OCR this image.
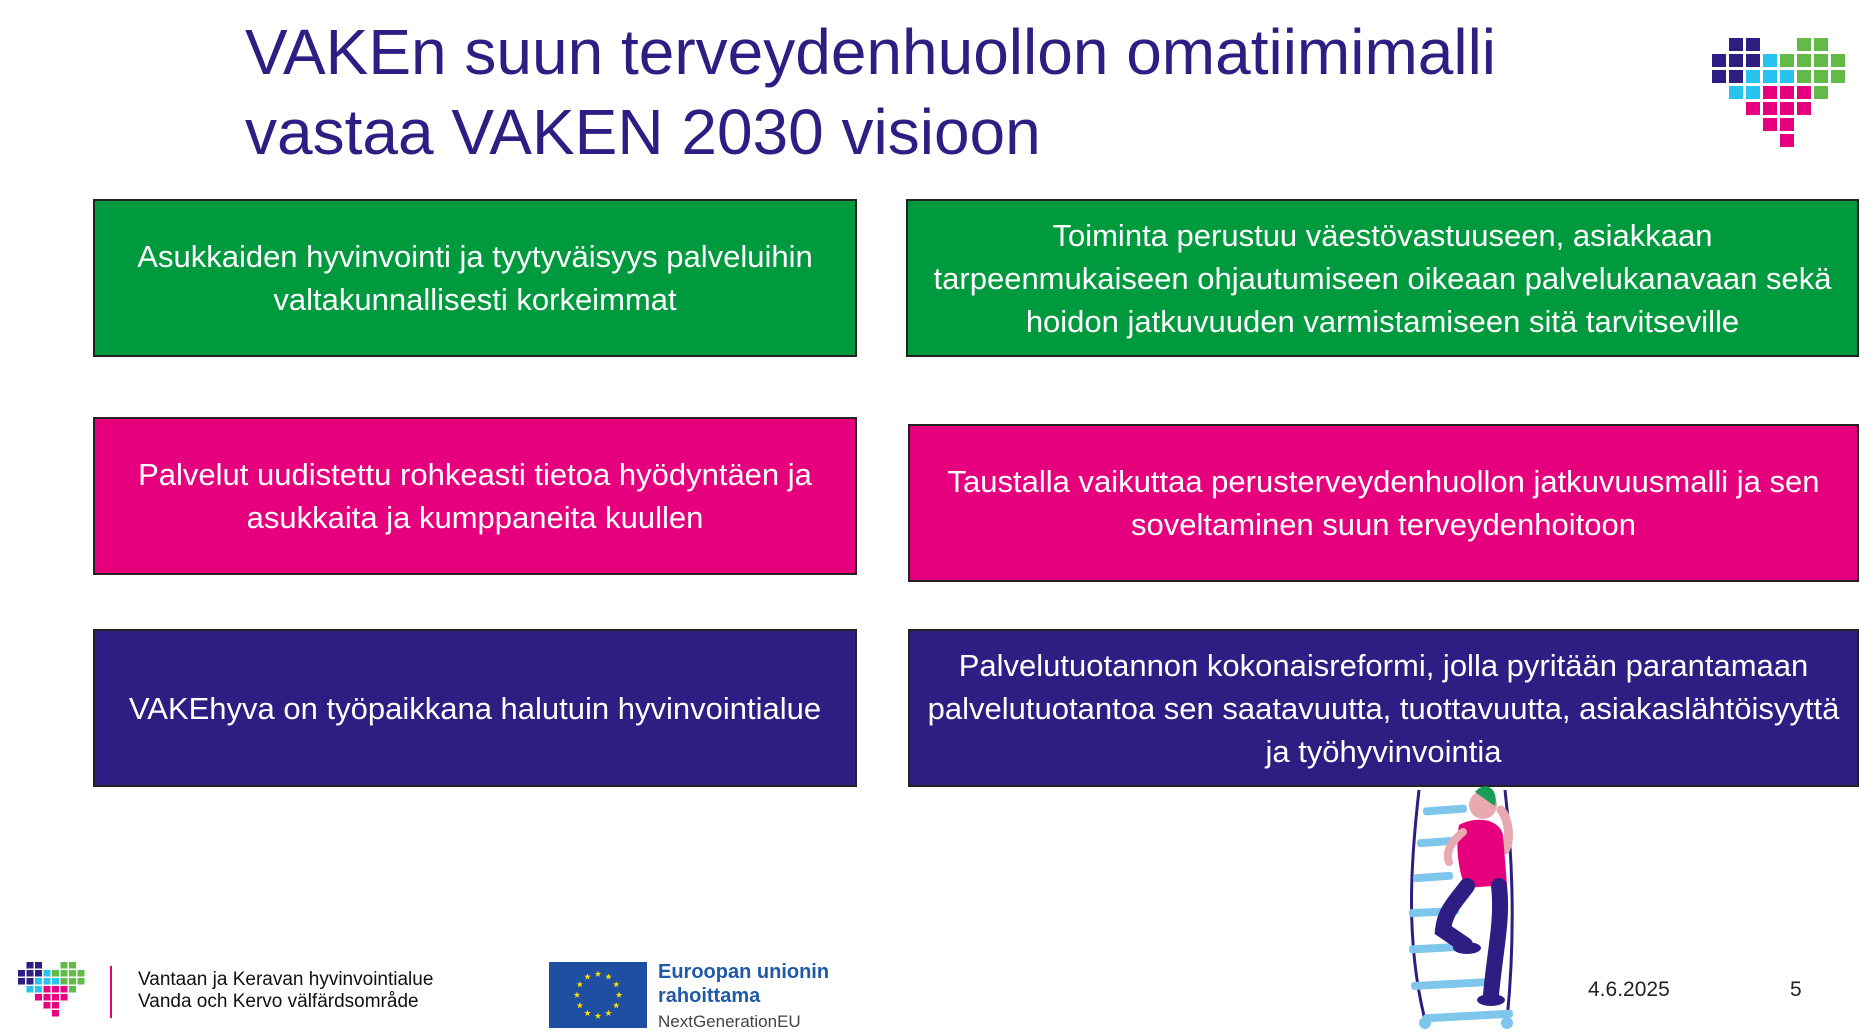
VAKEn suun terveydenhuollon omatiimimalli
vastaa VAKEN 2030 visioon
Asukkaiden hyvinvointi ja tyytyväisyys palveluihin valtakunnallisesti korkeimmat
Toiminta perustuu väestövastuuseen, asiakkaan tarpeenmukaiseen ohjautumiseen oikeaan palvelukanavaan sekä hoidon jatkuvuuden varmistamiseen sitä tarvitseville
Palvelut uudistettu rohkeasti tietoa hyödyntäen ja asukkaita ja kumppaneita kuullen
Taustalla vaikuttaa perusterveydenhuollon jatkuvuusmalli ja sen soveltaminen suun terveydenhoitoon
VAKEhyva on työpaikkana halutuin hyvinvointialue
Palvelutuotannon kokonaisreformi, jolla pyritään parantamaan palvelutuotantoa sen saatavuutta, tuottavuutta, asiakaslähtöisyyttä ja työhyvinvointia
Vantaan ja Keravan hyvinvointialue
Vanda och Kervo välfärdsområde
Euroopan unionin
rahoittama
NextGenerationEU
4.6.2025	5
